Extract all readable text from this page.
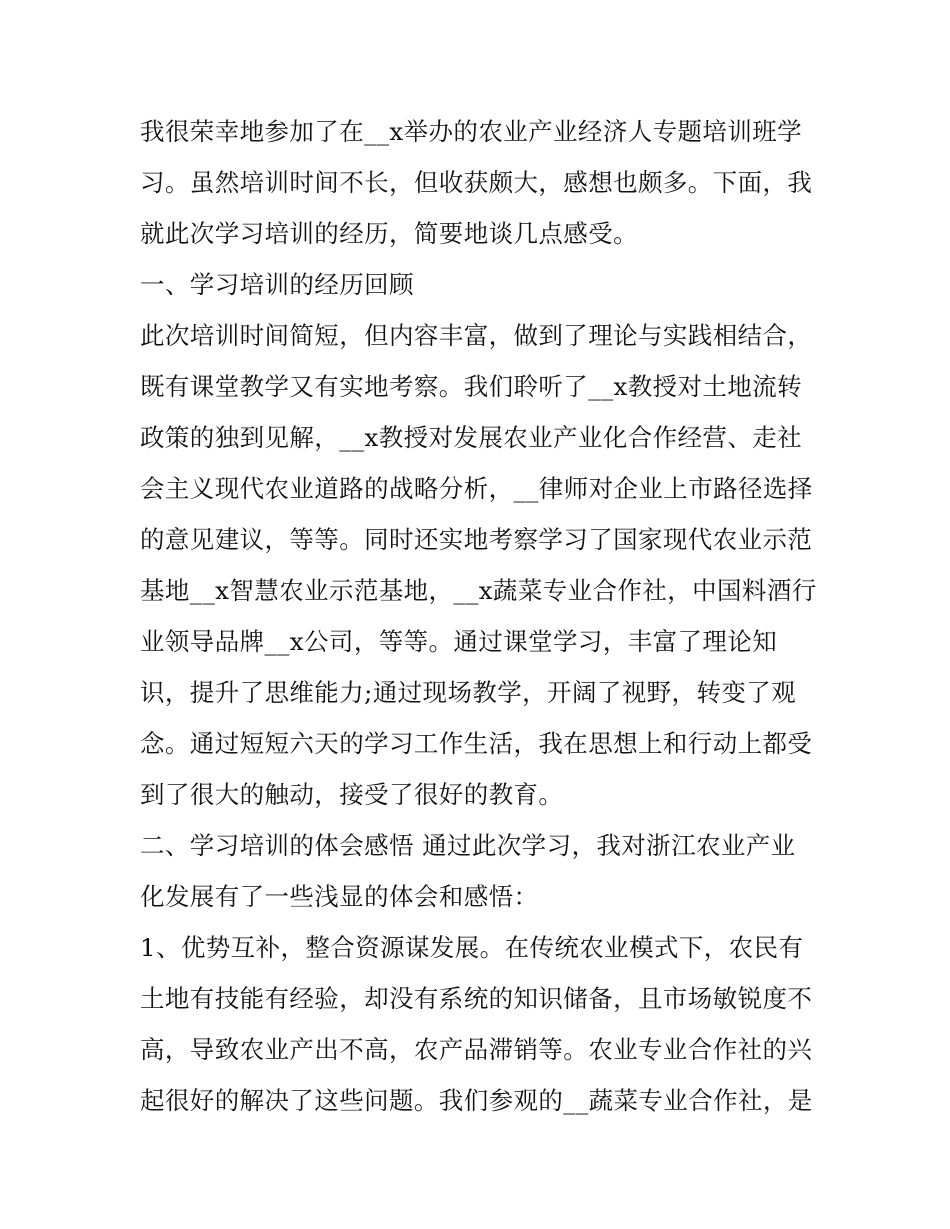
我很荣幸地参加了在__x举办的农业产业经济人专题培训班学
习。虽然培训时间不长，但收获颇大，感想也颇多。下面，我
就此次学习培训的经历，简要地谈几点感受。
一、学习培训的经历回顾
此次培训时间简短，但内容丰富，做到了理论与实践相结合，
既有课堂教学又有实地考察。我们聆听了__x教授对土地流转
政策的独到见解，__x教授对发展农业产业化合作经营、走社
会主义现代农业道路的战略分析，__律师对企业上市路径选择
的意见建议，等等。同时还实地考察学习了国家现代农业示范
基地__x智慧农业示范基地，__x蔬菜专业合作社，中国料酒行
业领导品牌__x公司，等等。通过课堂学习，丰富了理论知
识，提升了思维能力;通过现场教学，开阔了视野，转变了观
念。通过短短六天的学习工作生活，我在思想上和行动上都受
到了很大的触动，接受了很好的教育。
二、学习培训的体会感悟 通过此次学习，我对浙江农业产业
化发展有了一些浅显的体会和感悟：
1、优势互补，整合资源谋发展。在传统农业模式下，农民有
土地有技能有经验，却没有系统的知识储备，且市场敏锐度不
高，导致农业产出不高，农产品滞销等。农业专业合作社的兴
起很好的解决了这些问题。我们参观的__蔬菜专业合作社，是
